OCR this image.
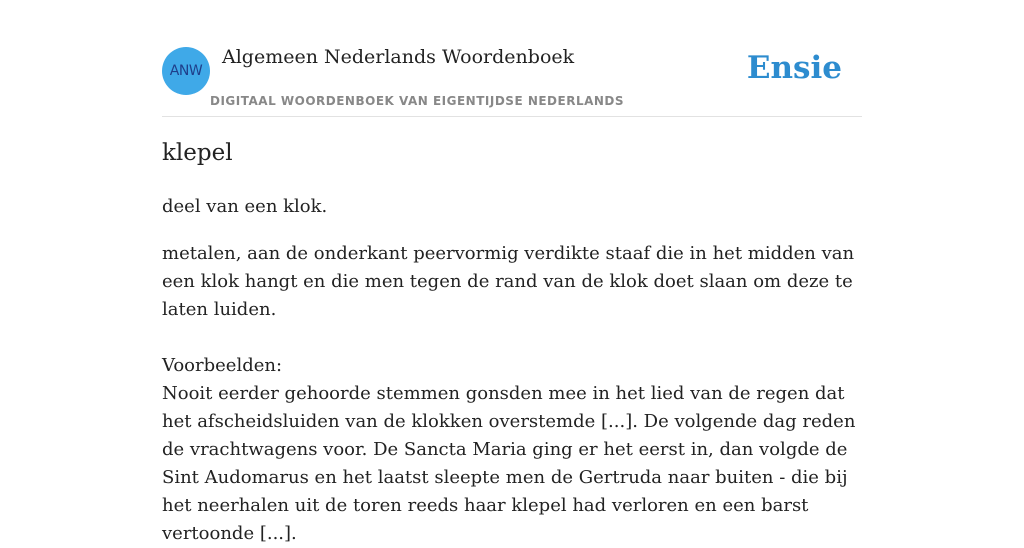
ANW
Algemeen Nederlands Woordenboek
DIGITAAL WOORDENBOEK VAN EIGENTIJDSE NEDERLANDS
Ensie
klepel
deel van een klok.
metalen, aan de onderkant peervormig verdikte staaf die in het midden van een klok hangt en die men tegen de rand van de klok doet slaan om deze te laten luiden.
Voorbeelden:
Nooit eerder gehoorde stemmen gonsden mee in het lied van de regen dat het afscheidsluiden van de klokken overstemde [...]. De volgende dag reden de vrachtwagens voor. De Sancta Maria ging er het eerst in, dan volgde de Sint Audomarus en het laatst sleepte men de Gertruda naar buiten - die bij het neerhalen uit de toren reeds haar klepel had verloren en een barst vertoonde [...].
